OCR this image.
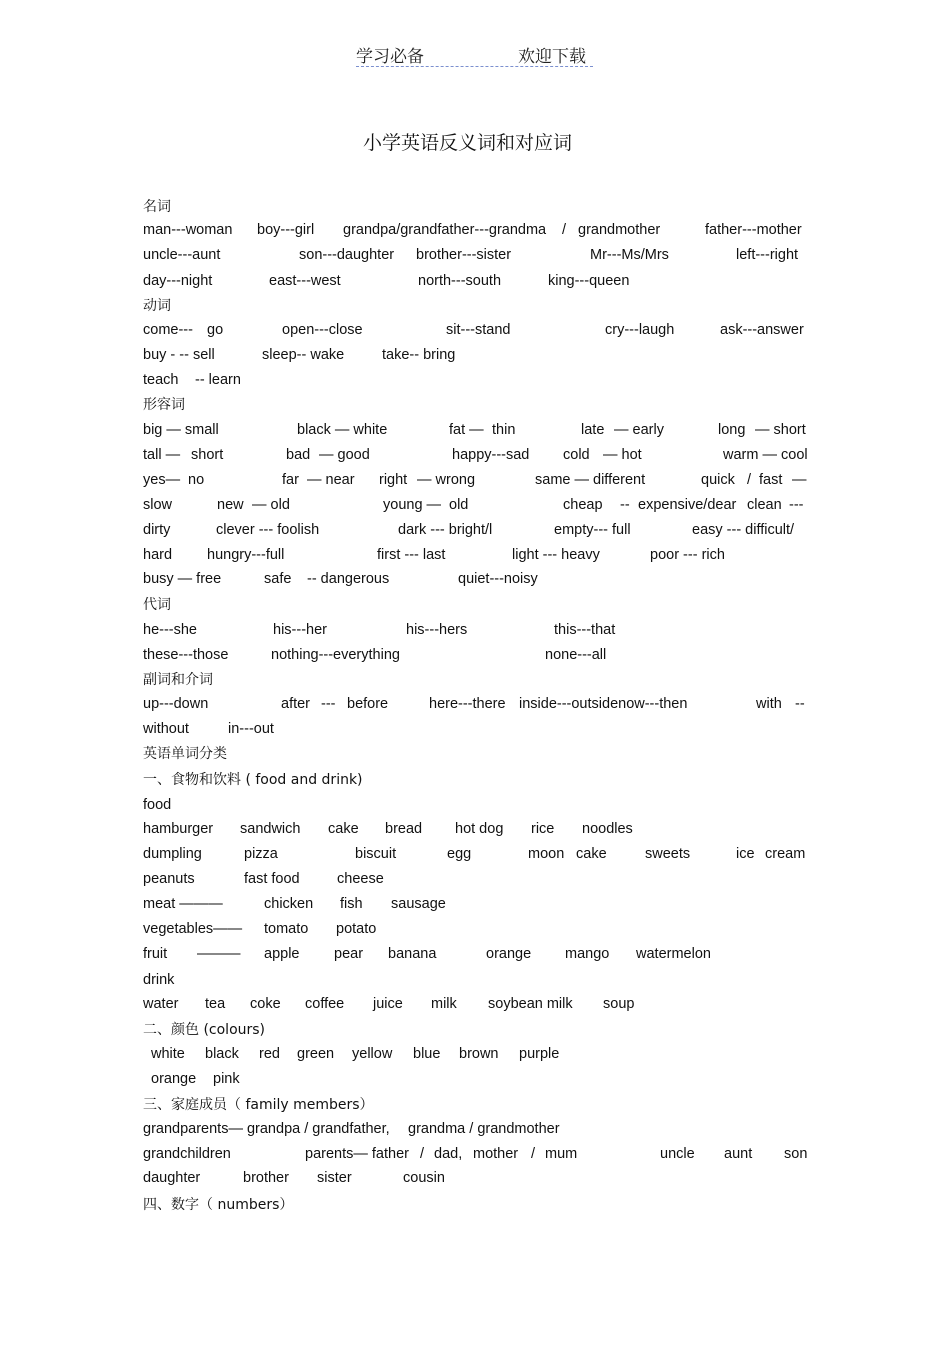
学习必备	欢迎下载
小学英语反义词和对应词
名词
man---woman boy---girl grandpa/grandfather---grandma / grandmother	father---mother
uncle---aunt	son---daughter brother---sister	Mr---Ms/Mrs	left---right
day---night	east---west	north---south	king---queen
动词
come--- go	open---close	sit---stand	cry---laugh	ask---answer
buy - -- sell	sleep-- wake	take-- bring
teach -- learn
形容词
big — small	black — white	fat — thin	late — early	long — short
tall — short	bad — good	happy---sad cold — hot	warm — cool
yes— no	far — near right — wrong	same — different	quick / fast —
slow	new — old	young — old	cheap -- expensive/dear clean ---
dirty	clever --- foolish	dark --- bright/l	empty--- full	easy --- difficult/
hard hungry---full	first --- last	light --- heavy	poor --- rich
busy — free	safe -- dangerous	quiet---noisy
代词
he---she	his---her	his---hers	this---that
these---those	nothing---everything	none---all
副词和介词
up---down	after --- before	here---there inside---outsidenow---then	with --
without	in---out
英语单词分类
一、食物和饮料 ( food and drink)
food
hamburger sandwich cake bread hot dog rice noodles
dumpling	pizza	biscuit	egg	moon cake	sweets	ice cream
peanuts	fast food	cheese
meat ———	chicken fish sausage
vegetables—— tomato potato
fruit ——— apple pear banana	orange mango watermelon
drink
water tea coke coffee juice milk soybean milk soup
二、颜色 (colours)
white black red green yellow blue brown purple
orange pink
三、家庭成员（ family members）
grandparents— grandpa / grandfather, grandma / grandmother
grandchildren	parents— father / dad, mother / mum	uncle aunt son
daughter	brother sister	cousin
四、数字（ numbers）
